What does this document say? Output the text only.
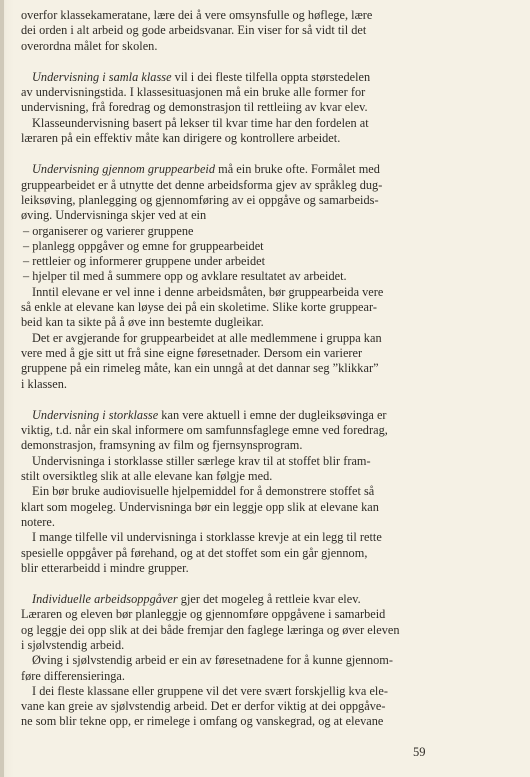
overfor klassekameratane, lære dei å vere omsynsfulle og høflege, lære
dei orden i alt arbeid og gode arbeidsvanar. Ein viser for så vidt til det
overordna målet for skolen.
Undervisning i samla klasse vil i dei fleste tilfella oppta størstedelen
av undervisningstida. I klassesituasjonen må ein bruke alle former for
undervisning, frå foredrag og demonstrasjon til rettleiing av kvar elev.
Klasseundervisning basert på lekser til kvar time har den fordelen at
læraren på ein effektiv måte kan dirigere og kontrollere arbeidet.
Undervisning gjennom gruppearbeid må ein bruke ofte. Formålet med
gruppearbeidet er å utnytte det denne arbeidsforma gjev av språkleg dug-
leiksøving, planlegging og gjennomføring av ei oppgåve og samarbeids-
øving. Undervisninga skjer ved at ein
– organiserer og varierer gruppene
– planlegg oppgåver og emne for gruppearbeidet
– rettleier og informerer gruppene under arbeidet
– hjelper til med å summere opp og avklare resultatet av arbeidet.
Inntil elevane er vel inne i denne arbeidsmåten, bør gruppearbeida vere
så enkle at elevane kan løyse dei på ein skoletime. Slike korte gruppear-
beid kan ta sikte på å øve inn bestemte dugleikar.
Det er avgjerande for gruppearbeidet at alle medlemmene i gruppa kan
vere med å gje sitt ut frå sine eigne føresetnader. Dersom ein varierer
gruppene på ein rimeleg måte, kan ein unngå at det dannar seg ”klikkar”
i klassen.
Undervisning i storklasse kan vere aktuell i emne der dugleiksøvinga er
viktig, t.d. når ein skal informere om samfunnsfaglege emne ved foredrag,
demonstrasjon, framsyning av film og fjernsynsprogram.
Undervisninga i storklasse stiller særlege krav til at stoffet blir fram-
stilt oversiktleg slik at alle elevane kan følgje med.
Ein bør bruke audiovisuelle hjelpemiddel for å demonstrere stoffet så
klart som mogeleg. Undervisninga bør ein leggje opp slik at elevane kan
notere.
I mange tilfelle vil undervisninga i storklasse krevje at ein legg til rette
spesielle oppgåver på førehand, og at det stoffet som ein går gjennom,
blir etterarbeidd i mindre grupper.
Individuelle arbeidsoppgåver gjer det mogeleg å rettleie kvar elev.
Læraren og eleven bør planleggje og gjennomføre oppgåvene i samarbeid
og leggje dei opp slik at dei både fremjar den faglege læringa og øver eleven
i sjølvstendig arbeid.
Øving i sjølvstendig arbeid er ein av føresetnadene for å kunne gjennom-
føre differensieringa.
I dei fleste klassane eller gruppene vil det vere svært forskjellig kva ele-
vane kan greie av sjølvstendig arbeid. Det er derfor viktig at dei oppgåve-
ne som blir tekne opp, er rimelege i omfang og vanskegrad, og at elevane
59
